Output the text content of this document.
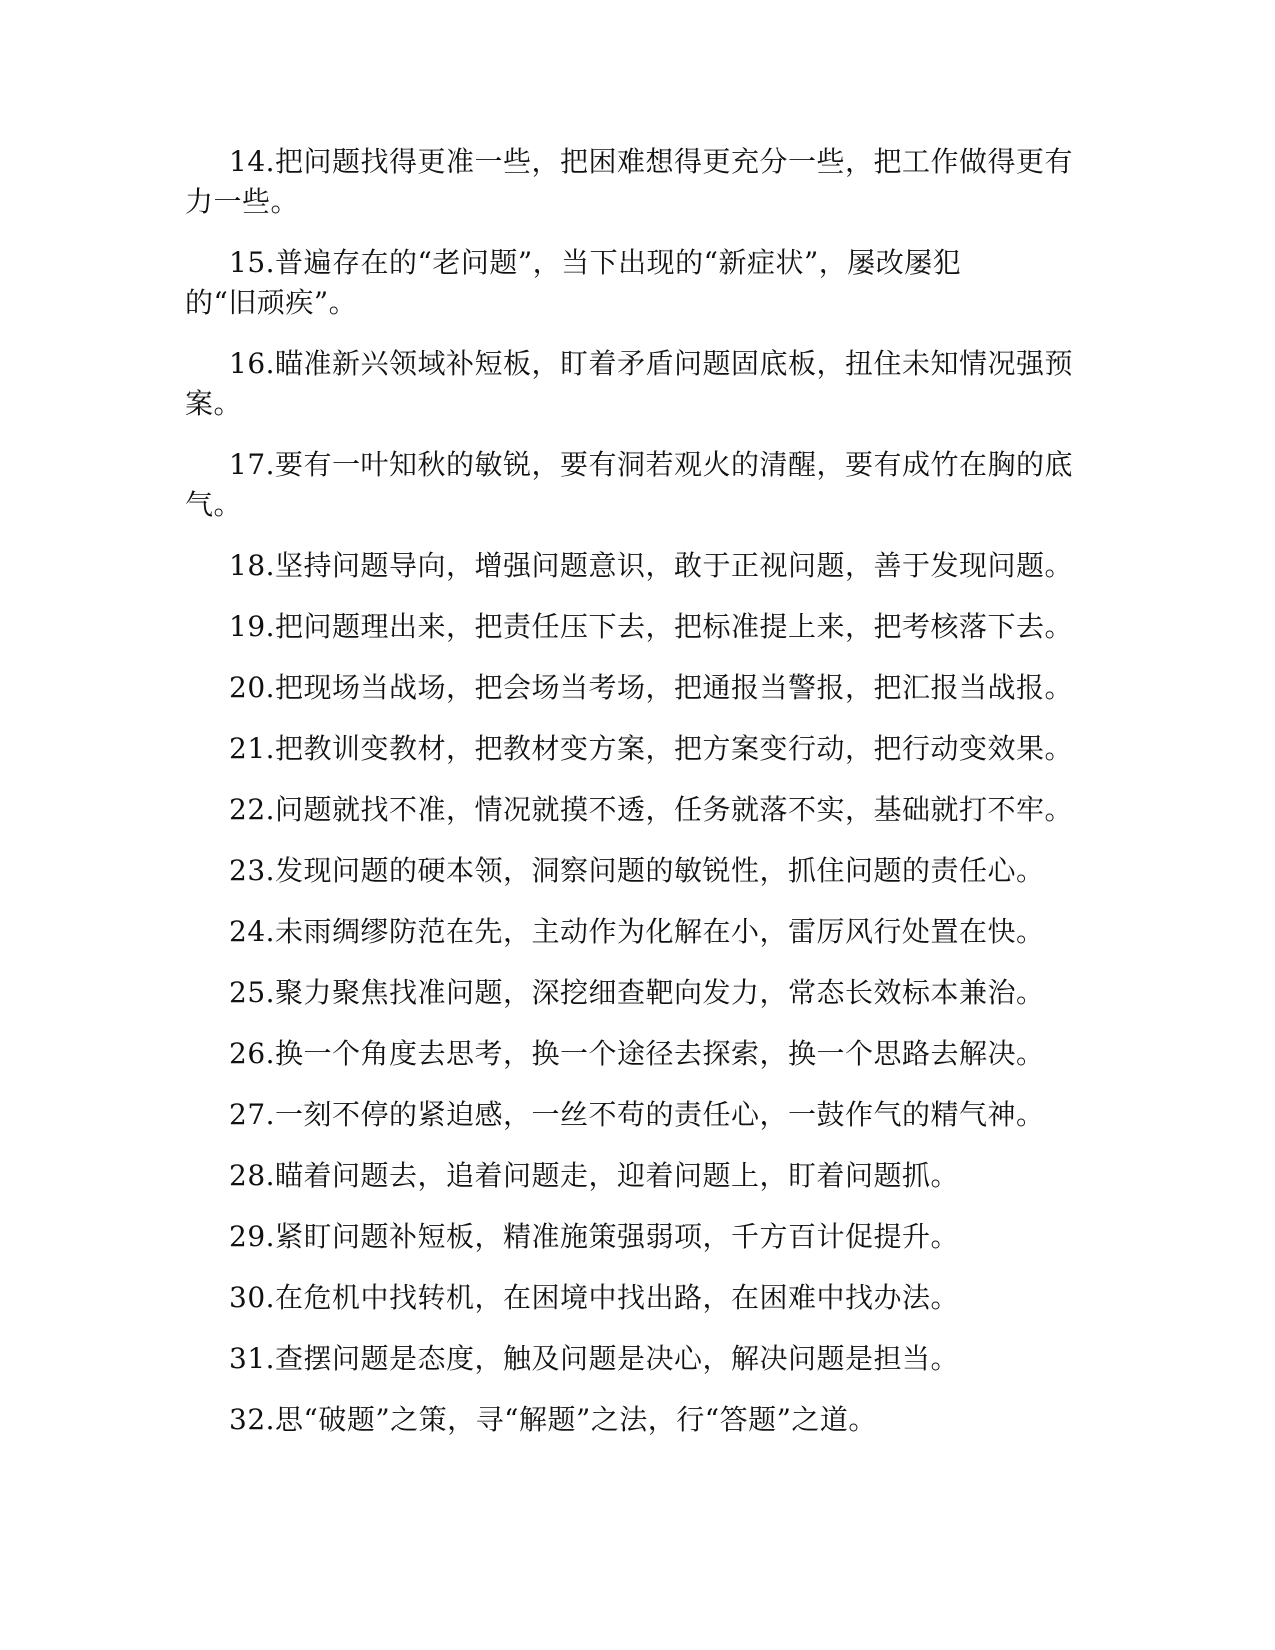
14.把问题找得更准一些，把困难想得更充分一些，把工作做得更有力一些。

15.普遍存在的“老问题”，当下出现的“新症状”，屡改屡犯的“旧顽疾”。

16.瞄准新兴领域补短板，盯着矛盾问题固底板，扭住未知情况强预案。

17.要有一叶知秋的敏锐，要有洞若观火的清醒，要有成竹在胸的底气。

18.坚持问题导向，增强问题意识，敢于正视问题，善于发现问题。

19.把问题理出来，把责任压下去，把标准提上来，把考核落下去。

20.把现场当战场，把会场当考场，把通报当警报，把汇报当战报。

21.把教训变教材，把教材变方案，把方案变行动，把行动变效果。

22.问题就找不准，情况就摸不透，任务就落不实，基础就打不牢。

23.发现问题的硬本领，洞察问题的敏锐性，抓住问题的责任心。

24.未雨绸缪防范在先，主动作为化解在小，雷厉风行处置在快。

25.聚力聚焦找准问题，深挖细查靶向发力，常态长效标本兼治。

26.换一个角度去思考，换一个途径去探索，换一个思路去解决。

27.一刻不停的紧迫感，一丝不苟的责任心，一鼓作气的精气神。

28.瞄着问题去，追着问题走，迎着问题上，盯着问题抓。

29.紧盯问题补短板，精准施策强弱项，千方百计促提升。

30.在危机中找转机，在困境中找出路，在困难中找办法。

31.查摆问题是态度，触及问题是决心，解决问题是担当。

32.思“破题”之策，寻“解题”之法，行“答题”之道。
